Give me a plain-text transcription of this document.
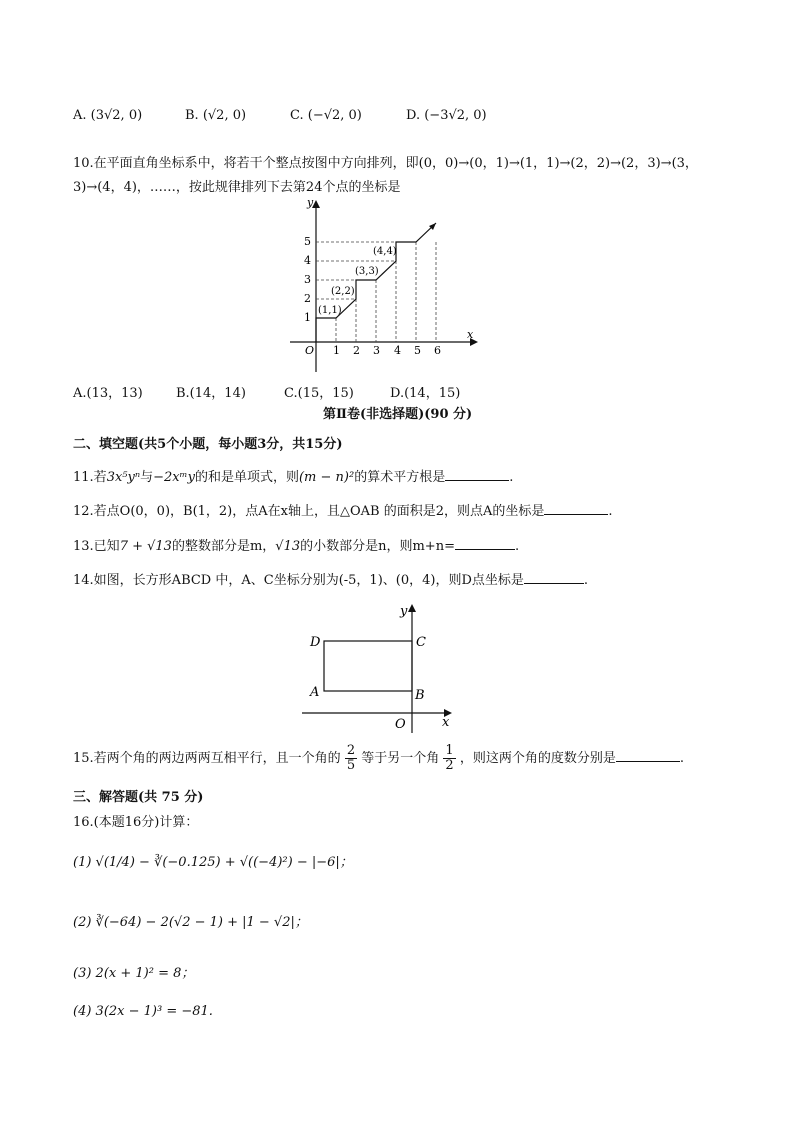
A. (3√2, 0)	B. (√2, 0)	C. (−√2, 0)	D. (−3√2, 0)
10.在平面直角坐标系中，将若干个整点按图中方向排列，即(0，0)→(0，1)→(1，1)→(2，2)→(2，3)→(3，
3)→(4，4)，……，按此规律排列下去第24个点的坐标是
x
y
O 1 2 3 4 5 6
1
2
3
4
5
(1,1)
(2,2)
(3,3)
(4,4)
A.(13，13)	B.(14，14)	C.(15，15)	D.(14，15)
第Ⅱ卷(非选择题)(90 分)
二、填空题(共5个小题，每小题3分，共15分)
11.若3x⁵yⁿ与−2xᵐy的和是单项式，则(m − n)²的算术平方根是	.
12.若点O(0，0)，B(1，2)，点A在x轴上，且△OAB 的面积是2，则点A的坐标是	.
13.已知7 + √13的整数部分是m，√13的小数部分是n，则m+n=	.
14.如图，长方形ABCD 中，A、C坐标分别为(-5，1)、(0，4)，则D点坐标是	.
x
y
O
D	C
A	B
15.若两个角的两边两两互相平行，且一个角的 $\frac{2}{5}$ 等于另一个角 $\frac{1}{2}$ ，则这两个角的度数分别是	.
三、解答题(共 75 分)
16.(本题16分)计算：
(1) √(1/4) − ∛(−0.125) + √((−4)²) − |−6|；
(2) ∛(−64) − 2(√2 − 1) + |1 − √2|；
(3) 2(x + 1)² = 8；
(4) 3(2x − 1)³ = −81.
